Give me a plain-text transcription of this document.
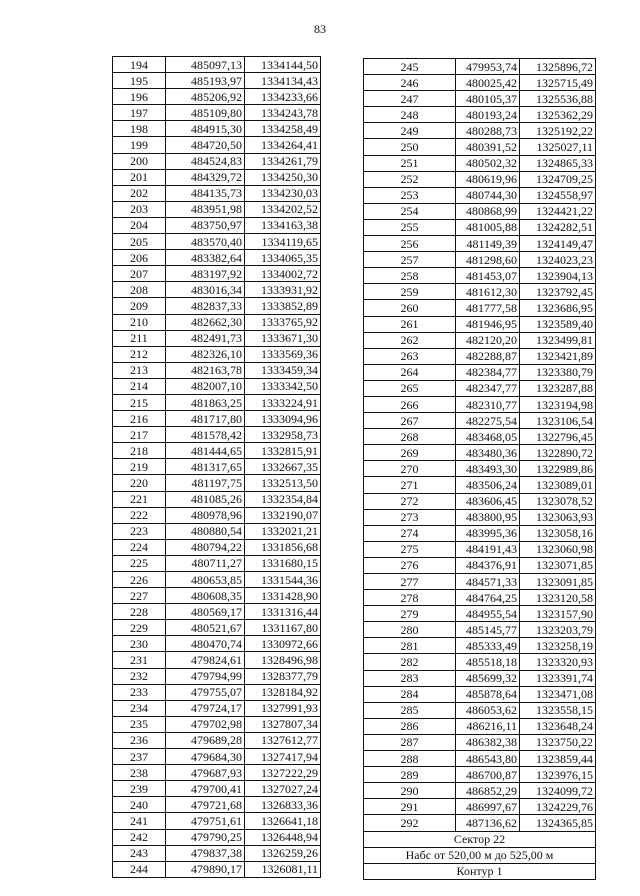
83
194	485097,13	1334144,50
195	485193,97	1334134,43
196	485206,92	1334233,66
197	485109,80	1334243,78
198	484915,30	1334258,49
199	484720,50	1334264,41
200	484524,83	1334261,79
201	484329,72	1334250,30
202	484135,73	1334230,03
203	483951,98	1334202,52
204	483750,97	1334163,38
205	483570,40	1334119,65
206	483382,64	1334065,35
207	483197,92	1334002,72
208	483016,34	1333931,92
209	482837,33	1333852,89
210	482662,30	1333765,92
211	482491,73	1333671,30
212	482326,10	1333569,36
213	482163,78	1333459,34
214	482007,10	1333342,50
215	481863,25	1333224,91
216	481717,80	1333094,96
217	481578,42	1332958,73
218	481444,65	1332815,91
219	481317,65	1332667,35
220	481197,75	1332513,50
221	481085,26	1332354,84
222	480978,96	1332190,07
223	480880,54	1332021,21
224	480794,22	1331856,68
225	480711,27	1331680,15
226	480653,85	1331544,36
227	480608,35	1331428,90
228	480569,17	1331316,44
229	480521,67	1331167,80
230	480470,74	1330972,66
231	479824,61	1328496,98
232	479794,99	1328377,79
233	479755,07	1328184,92
234	479724,17	1327991,93
235	479702,98	1327807,34
236	479689,28	1327612,77
237	479684,30	1327417,94
238	479687,93	1327222,29
239	479700,41	1327027,24
240	479721,68	1326833,36
241	479751,61	1326641,18
242	479790,25	1326448,94
243	479837,38	1326259,26
244	479890,17	1326081,11
245	479953,74	1325896,72
246	480025,42	1325715,49
247	480105,37	1325536,88
248	480193,24	1325362,29
249	480288,73	1325192,22
250	480391,52	1325027,11
251	480502,32	1324865,33
252	480619,96	1324709,25
253	480744,30	1324558,97
254	480868,99	1324421,22
255	481005,88	1324282,51
256	481149,39	1324149,47
257	481298,60	1324023,23
258	481453,07	1323904,13
259	481612,30	1323792,45
260	481777,58	1323686,95
261	481946,95	1323589,40
262	482120,20	1323499,81
263	482288,87	1323421,89
264	482384,77	1323380,79
265	482347,77	1323287,88
266	482310,77	1323194,98
267	482275,54	1323106,54
268	483468,05	1322796,45
269	483480,36	1322890,72
270	483493,30	1322989,86
271	483506,24	1323089,01
272	483606,45	1323078,52
273	483800,95	1323063,93
274	483995,36	1323058,16
275	484191,43	1323060,98
276	484376,91	1323071,85
277	484571,33	1323091,85
278	484764,25	1323120,58
279	484955,54	1323157,90
280	485145,77	1323203,79
281	485333,49	1323258,19
282	485518,18	1323320,93
283	485699,32	1323391,74
284	485878,64	1323471,08
285	486053,62	1323558,15
286	486216,11	1323648,24
287	486382,38	1323750,22
288	486543,80	1323859,44
289	486700,87	1323976,15
290	486852,29	1324099,72
291	486997,67	1324229,76
292	487136,62	1324365,85
Сектор 22		
Набс от 520,00 м до 525,00 м		
Контур 1		
